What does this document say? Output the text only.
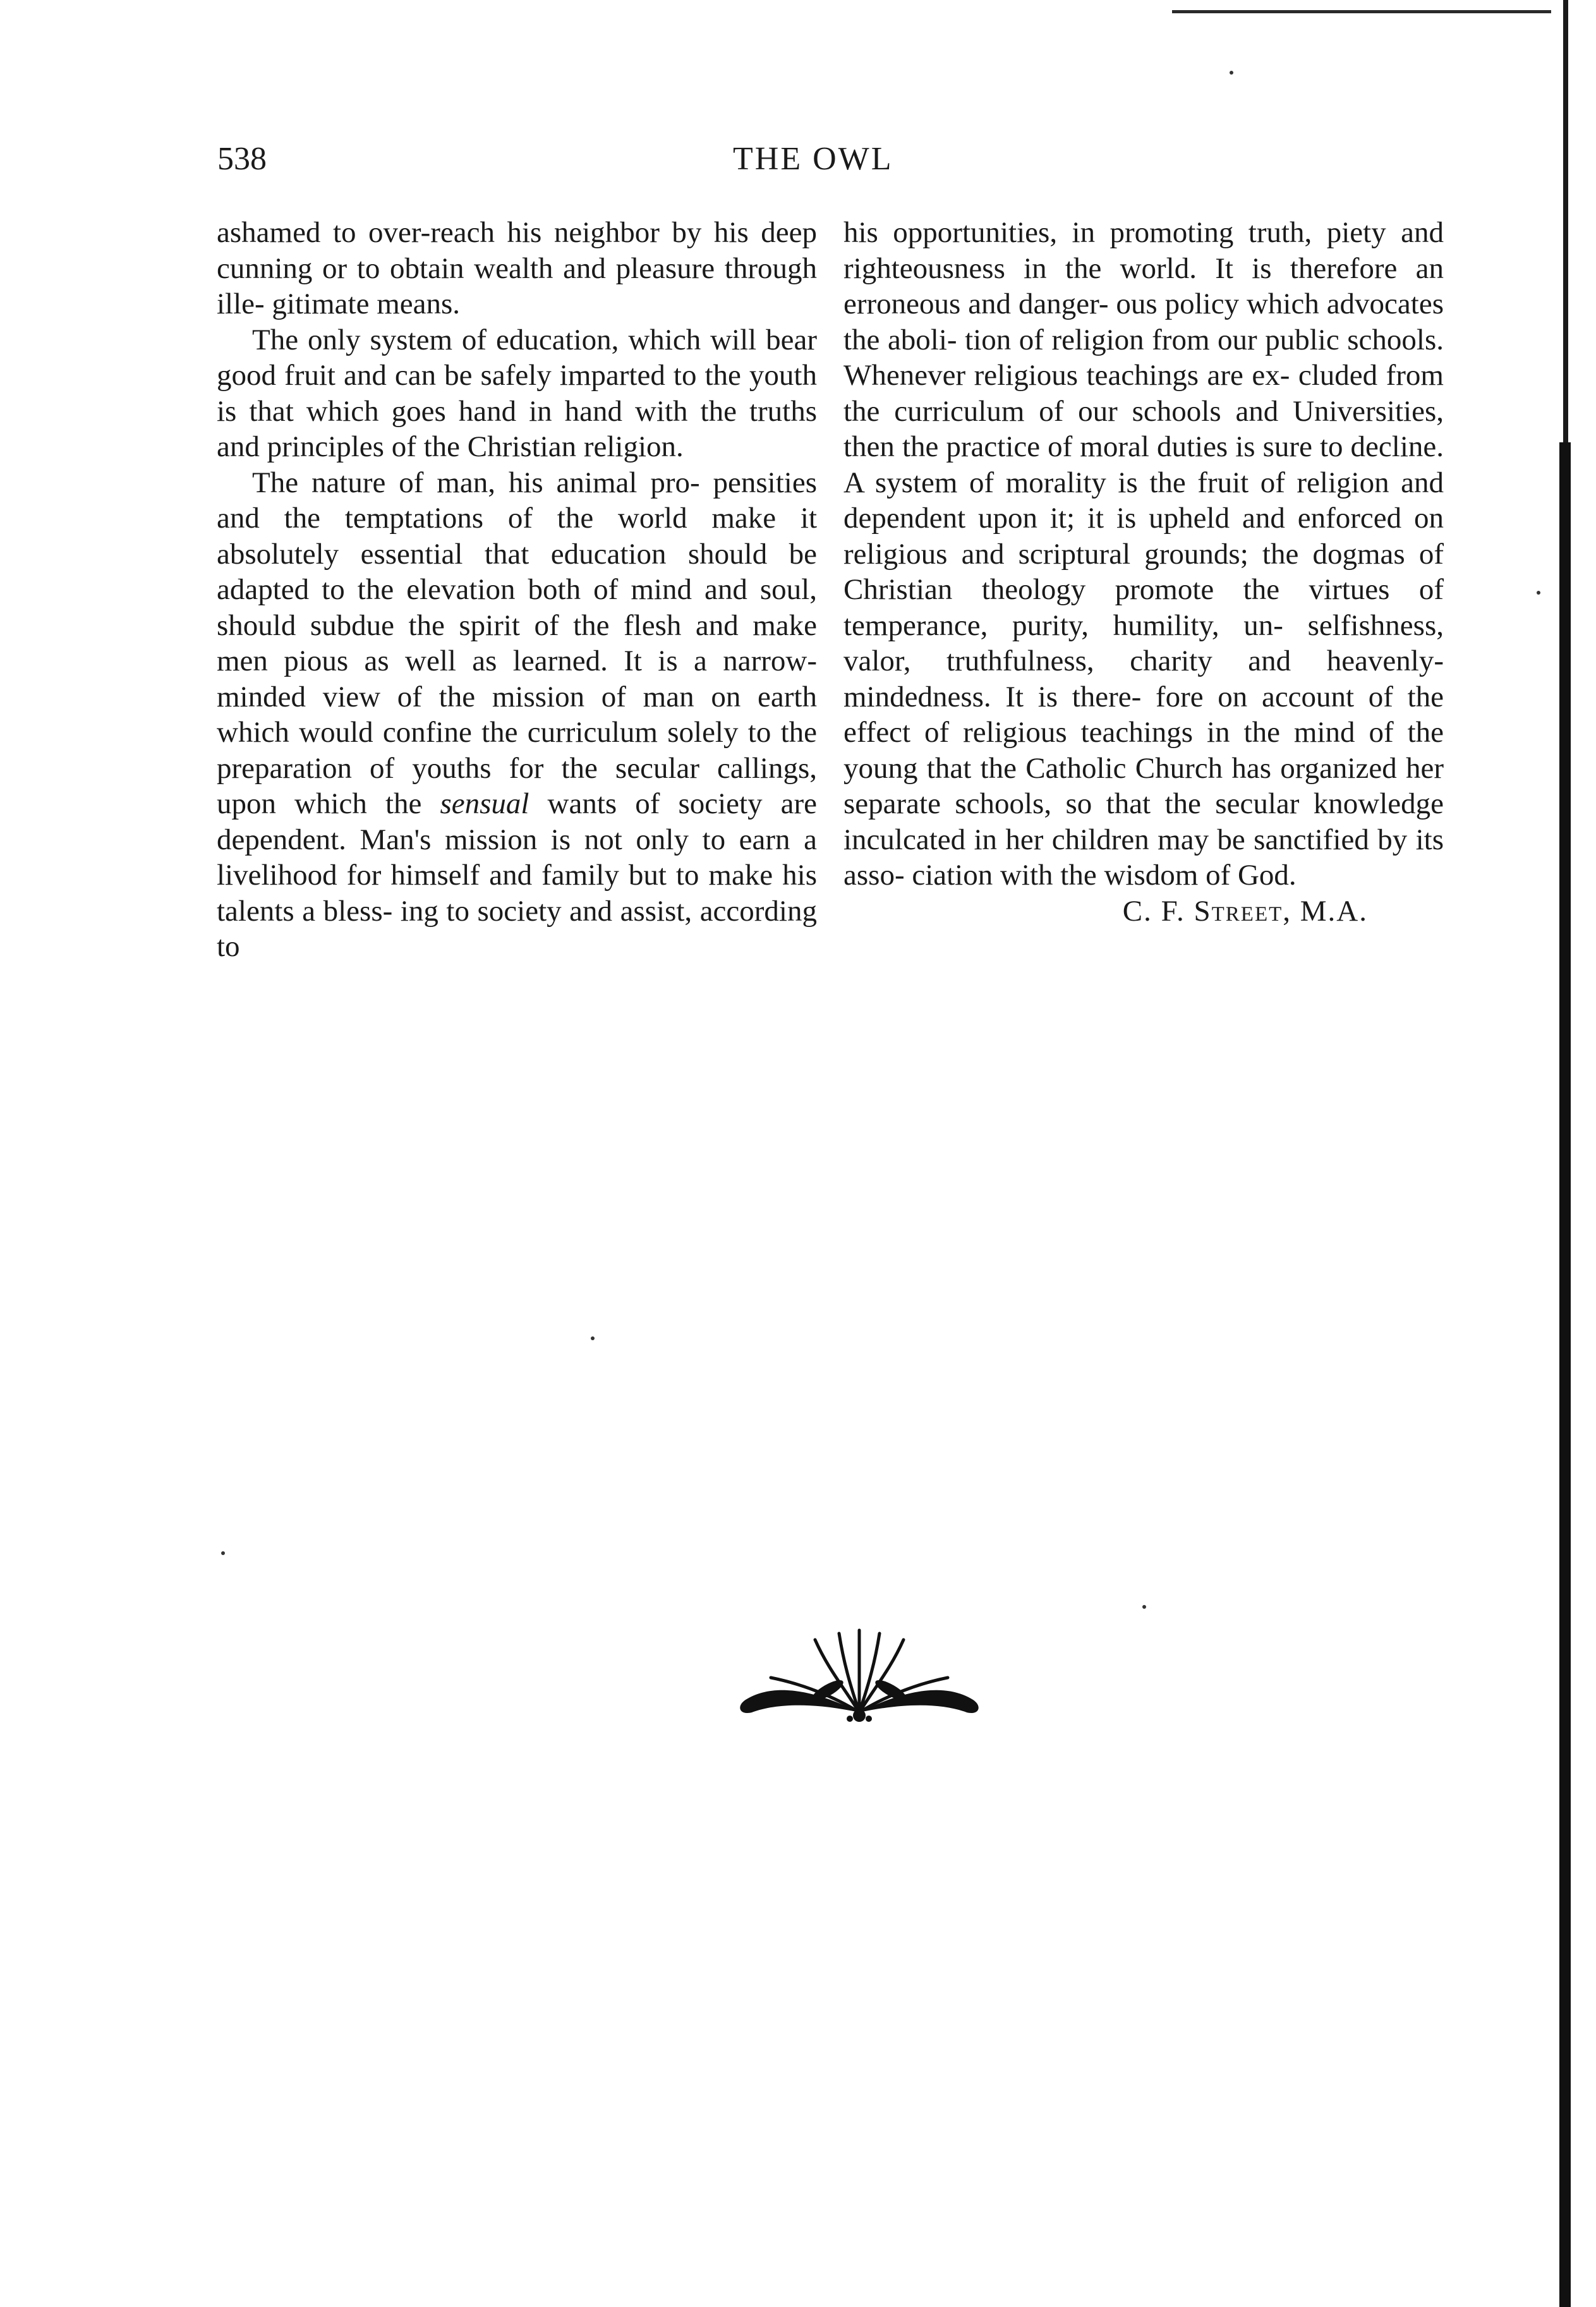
538	THE OWL

ashamed to over-reach his neighbor by his deep cunning or to obtain wealth and pleasure through ille- gitimate means.

The only system of education, which will bear good fruit and can be safely imparted to the youth is that which goes hand in hand with the truths and principles of the Christian religion.

The nature of man, his animal pro- pensities and the temptations of the world make it absolutely essential that education should be adapted to the elevation both of mind and soul, should subdue the spirit of the flesh and make men pious as well as learned. It is a narrow-minded view of the mission of man on earth which would confine the curriculum solely to the preparation of youths for the secular callings, upon which the sensual wants of society are dependent. Man's mission is not only to earn a livelihood for himself and family but to make his talents a bless- ing to society and assist, according to

his opportunities, in promoting truth, piety and righteousness in the world. It is therefore an erroneous and danger- ous policy which advocates the aboli- tion of religion from our public schools. Whenever religious teachings are ex- cluded from the curriculum of our schools and Universities, then the practice of moral duties is sure to decline. A system of morality is the fruit of religion and dependent upon it; it is upheld and enforced on religious and scriptural grounds; the dogmas of Christian theology promote the virtues of temperance, purity, humility, un- selfishness, valor, truthfulness, charity and heavenly-mindedness. It is there- fore on account of the effect of religious teachings in the mind of the young that the Catholic Church has organized her separate schools, so that the secular knowledge inculcated in her children may be sanctified by its asso- ciation with the wisdom of God.

C. F. Street, M.A.
